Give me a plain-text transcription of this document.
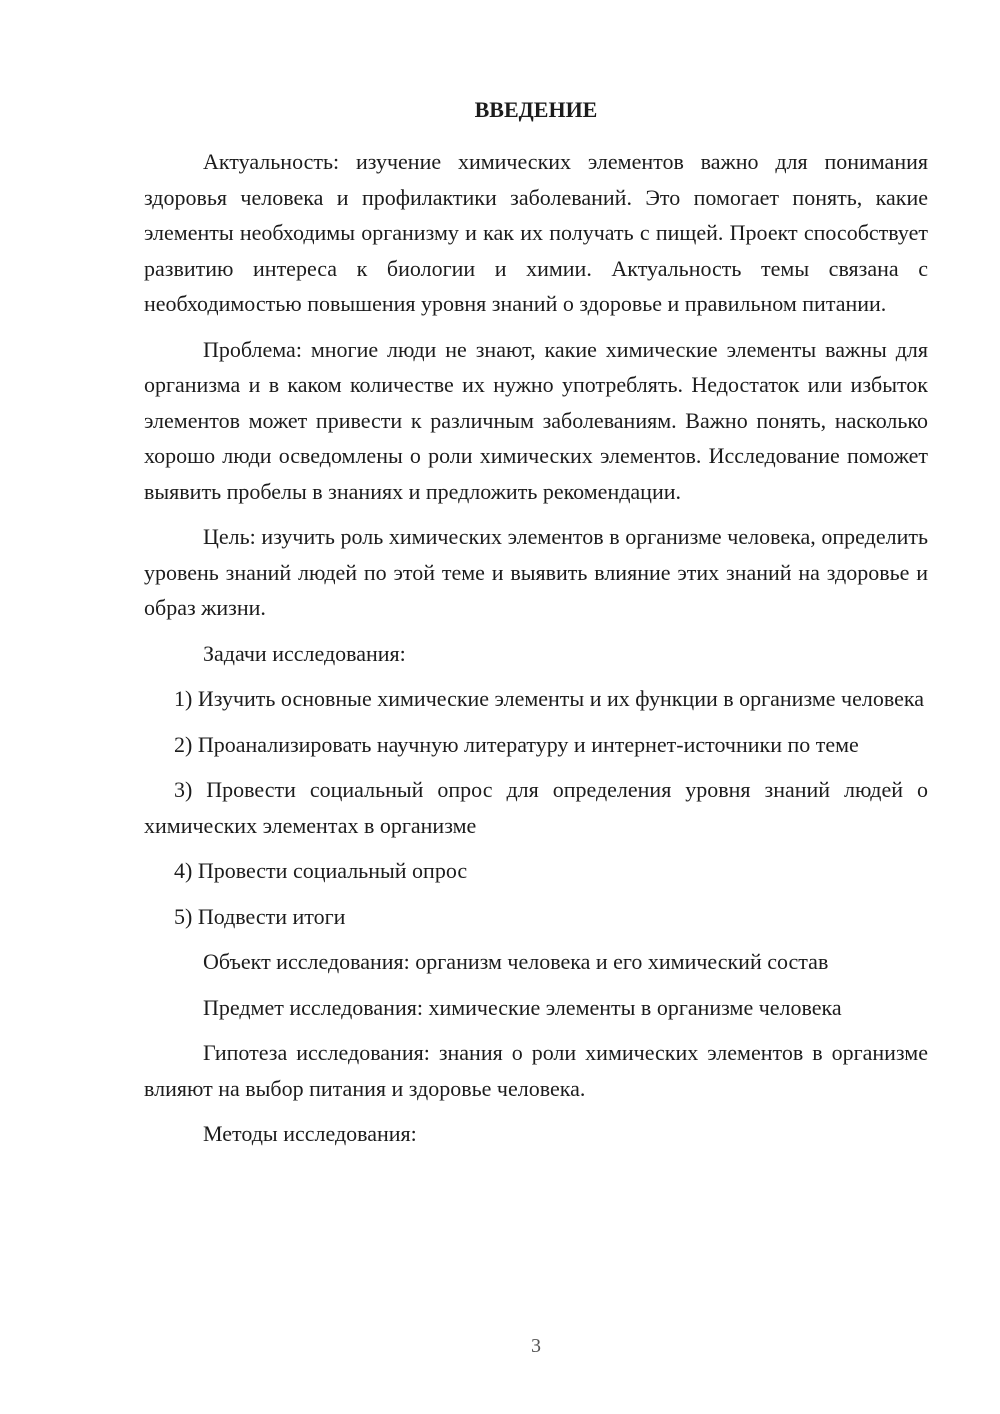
ВВЕДЕНИЕ

Актуальность: изучение химических элементов важно для понимания здоровья человека и профилактики заболеваний. Это помогает понять, какие элементы необходимы организму и как их получать с пищей. Проект способствует развитию интереса к биологии и химии. Актуальность темы связана с необходимостью повышения уровня знаний о здоровье и правильном питании.

Проблема: многие люди не знают, какие химические элементы важны для организма и в каком количестве их нужно употреблять. Недостаток или избыток элементов может привести к различным заболеваниям. Важно понять, насколько хорошо люди осведомлены о роли химических элементов. Исследование поможет выявить пробелы в знаниях и предложить рекомендации.

Цель: изучить роль химических элементов в организме человека, определить уровень знаний людей по этой теме и выявить влияние этих знаний на здоровье и образ жизни.

Задачи исследования:

1) Изучить основные химические элементы и их функции в организме человека

2) Проанализировать научную литературу и интернет-источники по теме

3) Провести социальный опрос для определения уровня знаний людей о химических элементах в организме

4) Провести социальный опрос

5) Подвести итоги

Объект исследования: организм человека и его химический состав

Предмет исследования: химические элементы в организме человека

Гипотеза исследования: знания о роли химических элементов в организме влияют на выбор питания и здоровье человека.

Методы исследования:

3
